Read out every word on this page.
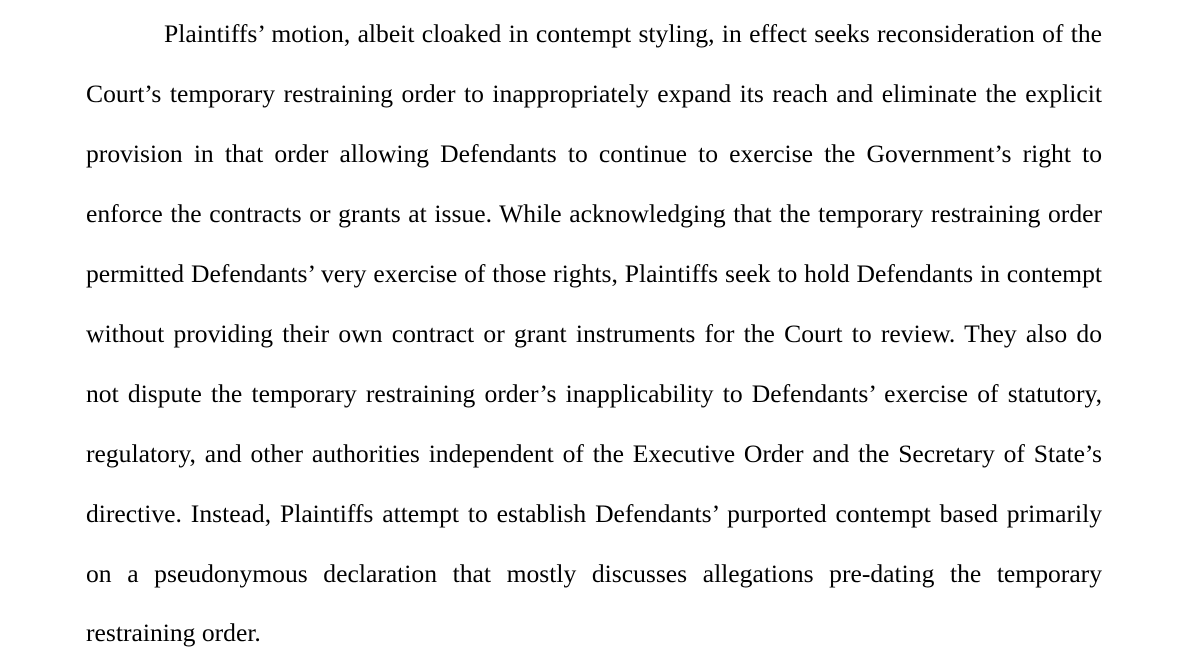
Plaintiffs’ motion, albeit cloaked in contempt styling, in effect seeks reconsideration of the

Court’s temporary restraining order to inappropriately expand its reach and eliminate the explicit

provision in that order allowing Defendants to continue to exercise the Government’s right to

enforce the contracts or grants at issue. While acknowledging that the temporary restraining order

permitted Defendants’ very exercise of those rights, Plaintiffs seek to hold Defendants in contempt

without providing their own contract or grant instruments for the Court to review. They also do

not dispute the temporary restraining order’s inapplicability to Defendants’ exercise of statutory,

regulatory, and other authorities independent of the Executive Order and the Secretary of State’s

directive. Instead, Plaintiffs attempt to establish Defendants’ purported contempt based primarily

on a pseudonymous declaration that mostly discusses allegations pre-dating the temporary

restraining order.
